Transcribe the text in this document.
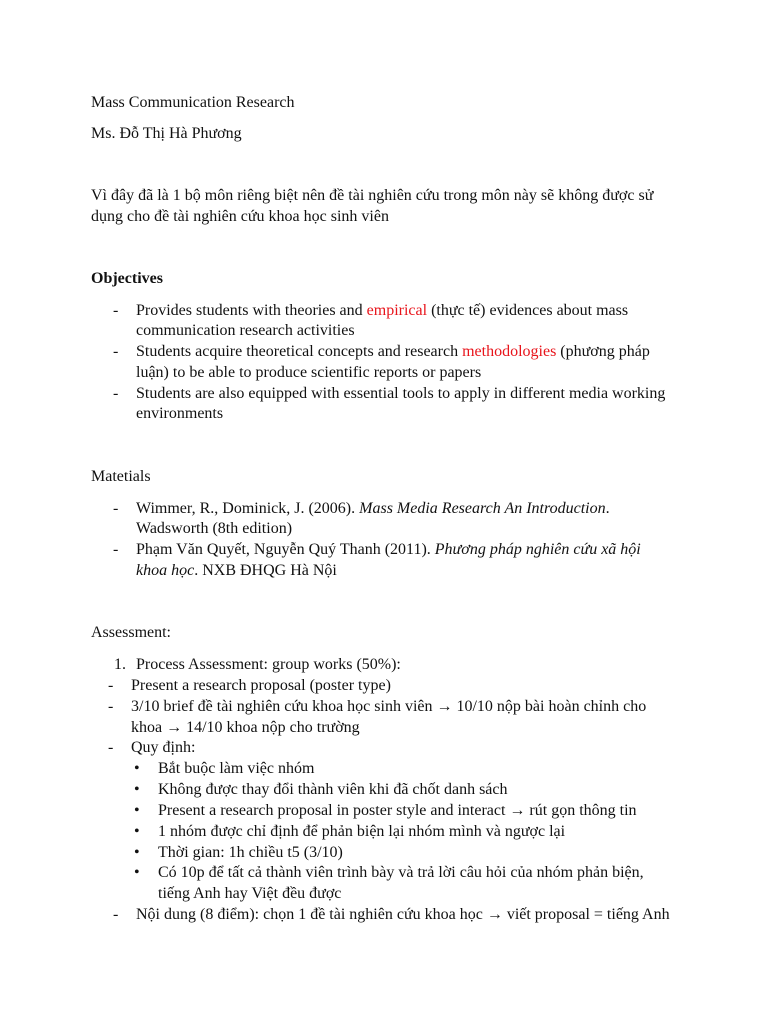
Mass Communication Research
Ms. Đỗ Thị Hà Phương
Vì đây đã là 1 bộ môn riêng biệt nên đề tài nghiên cứu trong môn này sẽ không được sử
dụng cho đề tài nghiên cứu khoa học sinh viên
Objectives
- Provides students with theories and empirical (thực tế) evidences about mass
communication research activities
- Students acquire theoretical concepts and research methodologies (phương pháp
luận) to be able to produce scientific reports or papers
- Students are also equipped with essential tools to apply in different media working
environments
Matetials
- Wimmer, R., Dominick, J. (2006). Mass Media Research An Introduction.
Wadsworth (8th edition)
- Phạm Văn Quyết, Nguyễn Quý Thanh (2011). Phương pháp nghiên cứu xã hội
khoa học. NXB ĐHQG Hà Nội
Assessment:
1. Process Assessment: group works (50%):
- Present a research proposal (poster type)
- 3/10 brief đề tài nghiên cứu khoa học sinh viên → 10/10 nộp bài hoàn chỉnh cho
khoa → 14/10 khoa nộp cho trường
- Quy định:
• Bắt buộc làm việc nhóm
• Không được thay đổi thành viên khi đã chốt danh sách
• Present a research proposal in poster style and interact → rút gọn thông tin
• 1 nhóm được chỉ định để phản biện lại nhóm mình và ngược lại
• Thời gian: 1h chiều t5 (3/10)
• Có 10p để tất cả thành viên trình bày và trả lời câu hỏi của nhóm phản biện,
tiếng Anh hay Việt đều được
- Nội dung (8 điểm): chọn 1 đề tài nghiên cứu khoa học → viết proposal = tiếng Anh
